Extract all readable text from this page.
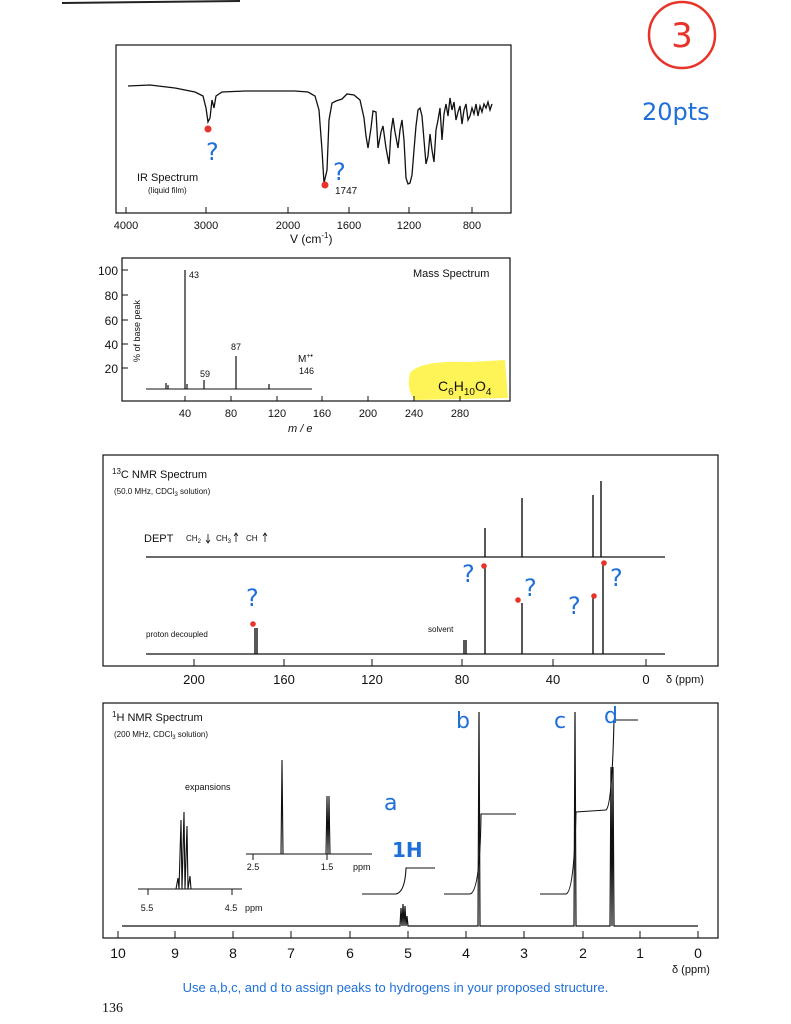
3
20pts
?
?
1747
IR Spectrum
(liquid film)
4000	3000	2000	1600	1200	800
V $(cm^{-1})$
Mass Spectrum
% of base peak
100
80
60
40
20
43
87
59
M+•
146
$C_6H_{10}O_4$
40	80	120 160	200	240	280
m / e
$^{13}$C NMR Spectrum
(50.0 MHz, CDCl$_3$ solution)
DEPT $CH_2$ $CH_3$ CH
?
? ?
?
?
proton decoupled
solvent
200	160	120	80	40	0 δ (ppm)
$^1$H NMR Spectrum
(200 MHz, CDCl$_3$ solution)
expansions
5.5	4.5 ppm
2.5	1.5 ppm
a
b	c d
1H
10	9	8	7	6	5	4	3	2	1	0
δ (ppm)
Use a,b,c, and d to assign peaks to hydrogens in your proposed structure.
136
